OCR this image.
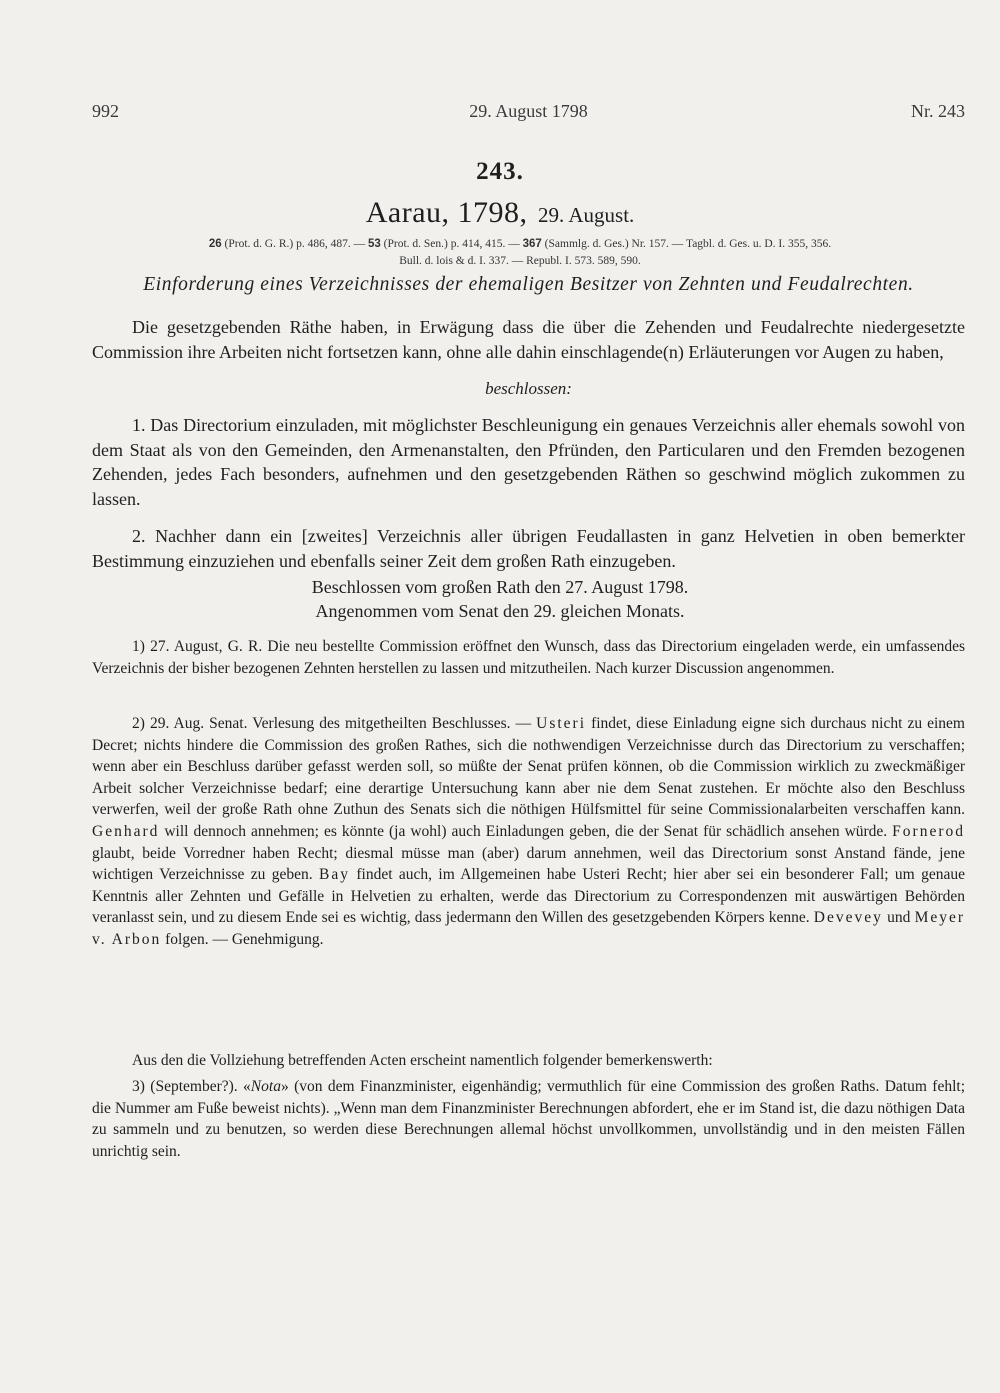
992	29. August 1798	Nr. 243
243.
Aarau, 1798, 29. August.
26 (Prot. d. G. R.) p. 486, 487. — 53 (Prot. d. Sen.) p. 414, 415. — 367 (Sammlg. d. Ges.) Nr. 157. — Tagbl. d. Ges. u. D. I. 355, 356.
Bull. d. lois & d. I. 337. — Republ. I. 573. 589, 590.
Einforderung eines Verzeichnisses der ehemaligen Besitzer von Zehnten und Feudalrechten.

Die gesetzgebenden Räthe haben, in Erwägung dass die über die Zehenden und Feudalrechte niedergesetzte Commission ihre Arbeiten nicht fortsetzen kann, ohne alle dahin einschlagende(n) Erläuterungen vor Augen zu haben,

beschlossen:

1. Das Directorium einzuladen, mit möglichster Beschleunigung ein genaues Verzeichnis aller ehemals sowohl von dem Staat als von den Gemeinden, den Armenanstalten, den Pfründen, den Particularen und den Fremden bezogenen Zehenden, jedes Fach besonders, aufnehmen und den gesetzgebenden Räthen so geschwind möglich zukommen zu lassen.

2. Nachher dann ein [zweites] Verzeichnis aller übrigen Feudallasten in ganz Helvetien in oben bemerkter Bestimmung einzuziehen und ebenfalls seiner Zeit dem großen Rath einzugeben.

Beschlossen vom großen Rath den 27. August 1798.
Angenommen vom Senat den 29. gleichen Monats.

1) 27. August, G. R. Die neu bestellte Commission eröffnet den Wunsch, dass das Directorium eingeladen werde, ein umfassendes Verzeichnis der bisher bezogenen Zehnten herstellen zu lassen und mitzutheilen. Nach kurzer Discussion angenommen.

2) 29. Aug. Senat. Verlesung des mitgetheilten Beschlusses. — Usteri findet, diese Einladung eigne sich durchaus nicht zu einem Decret; nichts hindere die Commission des großen Rathes, sich die nothwendigen Verzeichnisse durch das Directorium zu verschaffen; wenn aber ein Beschluss darüber gefasst werden soll, so müßte der Senat prüfen können, ob die Commission wirklich zu zweckmäßiger Arbeit solcher Verzeichnisse bedarf; eine derartige Untersuchung kann aber nie dem Senat zustehen. Er möchte also den Beschluss verwerfen, weil der große Rath ohne Zuthun des Senats sich die nöthigen Hülfsmittel für seine Commissionalarbeiten verschaffen kann. Genhard will dennoch annehmen; es könnte (ja wohl) auch Einladungen geben, die der Senat für schädlich ansehen würde. Fornerod glaubt, beide Vorredner haben Recht; diesmal müsse man (aber) darum annehmen, weil das Directorium sonst Anstand fände, jene wichtigen Verzeichnisse zu geben. Bay findet auch, im Allgemeinen habe Usteri Recht; hier aber sei ein besonderer Fall; um genaue Kenntnis aller Zehnten und Gefälle in Helvetien zu erhalten, werde das Directorium zu Correspondenzen mit auswärtigen Behörden veranlasst sein, und zu diesem Ende sei es wichtig, dass jedermann den Willen des gesetzgebenden Körpers kenne. Devevey und Meyer v. Arbon folgen. — Genehmigung.

Aus den die Vollziehung betreffenden Acten erscheint namentlich folgender bemerkenswerth:

3) (September?). «Nota» (von dem Finanzminister, eigenhändig; vermuthlich für eine Commission des großen Raths. Datum fehlt; die Nummer am Fuße beweist nichts). „Wenn man dem Finanzminister Berechnungen abfordert, ehe er im Stand ist, die dazu nöthigen Data zu sammeln und zu benutzen, so werden diese Berechnungen allemal höchst unvollkommen, unvollständig und in den meisten Fällen unrichtig sein.
